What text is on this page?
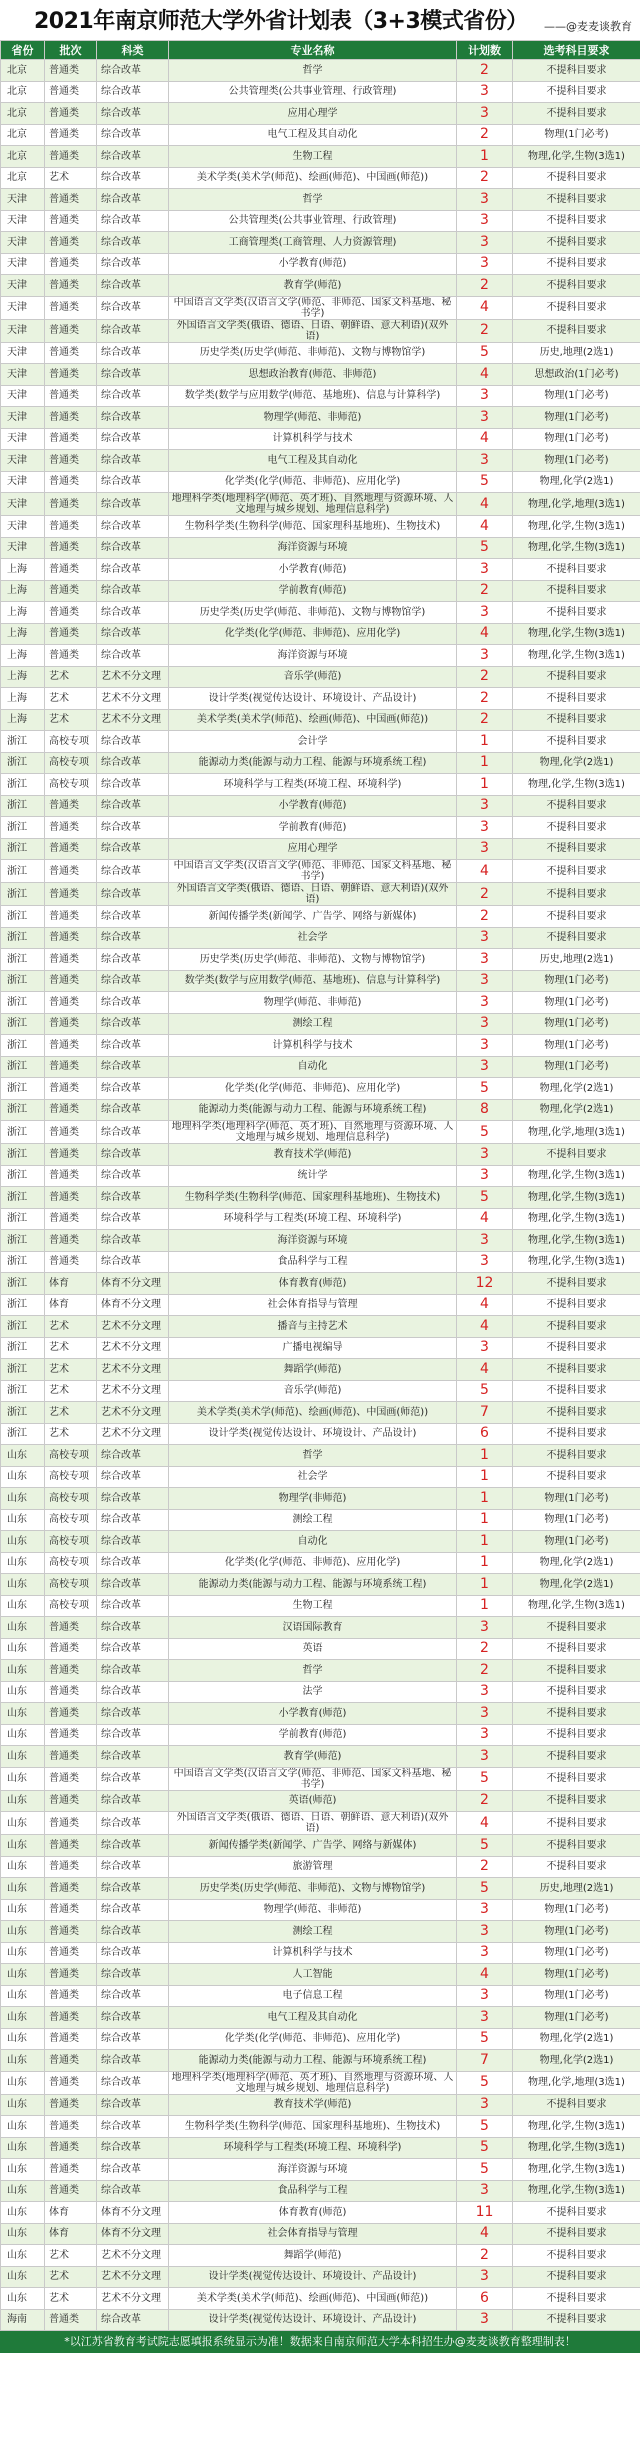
2021年南京师范大学外省计划表（3+3模式省份） ——@麦麦谈教育
省份	批次	科类	专业名称	计划数	选考科目要求
北京	普通类	综合改革	哲学	2	不提科目要求
北京	普通类	综合改革	公共管理类(公共事业管理、行政管理)	3	不提科目要求
北京	普通类	综合改革	应用心理学	3	不提科目要求
北京	普通类	综合改革	电气工程及其自动化	2	物理(1门必考)
北京	普通类	综合改革	生物工程	1	物理,化学,生物(3选1)
北京	艺术	综合改革	美术学类(美术学(师范)、绘画(师范)、中国画(师范))	2	不提科目要求
天津	普通类	综合改革	哲学	3	不提科目要求
天津	普通类	综合改革	公共管理类(公共事业管理、行政管理)	3	不提科目要求
天津	普通类	综合改革	工商管理类(工商管理、人力资源管理)	3	不提科目要求
天津	普通类	综合改革	小学教育(师范)	3	不提科目要求
天津	普通类	综合改革	教育学(师范)	2	不提科目要求
天津	普通类	综合改革	中国语言文学类(汉语言文学(师范、非师范、国家文科基地、秘书学)	4	不提科目要求
天津	普通类	综合改革	外国语言文学类(俄语、德语、日语、朝鲜语、意大利语)(双外语)	2	不提科目要求
天津	普通类	综合改革	历史学类(历史学(师范、非师范)、文物与博物馆学)	5	历史,地理(2选1)
天津	普通类	综合改革	思想政治教育(师范、非师范)	4	思想政治(1门必考)
天津	普通类	综合改革	数学类(数学与应用数学(师范、基地班)、信息与计算科学)	3	物理(1门必考)
天津	普通类	综合改革	物理学(师范、非师范)	3	物理(1门必考)
天津	普通类	综合改革	计算机科学与技术	4	物理(1门必考)
天津	普通类	综合改革	电气工程及其自动化	3	物理(1门必考)
天津	普通类	综合改革	化学类(化学(师范、非师范)、应用化学)	5	物理,化学(2选1)
天津	普通类	综合改革	地理科学类(地理科学(师范、英才班)、自然地理与资源环境、人文地理与城乡规划、地理信息科学)	4	物理,化学,地理(3选1)
天津	普通类	综合改革	生物科学类(生物科学(师范、国家理科基地班)、生物技术)	4	物理,化学,生物(3选1)
天津	普通类	综合改革	海洋资源与环境	5	物理,化学,生物(3选1)
上海	普通类	综合改革	小学教育(师范)	3	不提科目要求
上海	普通类	综合改革	学前教育(师范)	2	不提科目要求
上海	普通类	综合改革	历史学类(历史学(师范、非师范)、文物与博物馆学)	3	不提科目要求
上海	普通类	综合改革	化学类(化学(师范、非师范)、应用化学)	4	物理,化学,生物(3选1)
上海	普通类	综合改革	海洋资源与环境	3	物理,化学,生物(3选1)
上海	艺术	艺术不分文理	音乐学(师范)	2	不提科目要求
上海	艺术	艺术不分文理	设计学类(视觉传达设计、环境设计、产品设计)	2	不提科目要求
上海	艺术	艺术不分文理	美术学类(美术学(师范)、绘画(师范)、中国画(师范))	2	不提科目要求
浙江	高校专项	综合改革	会计学	1	不提科目要求
浙江	高校专项	综合改革	能源动力类(能源与动力工程、能源与环境系统工程)	1	物理,化学(2选1)
浙江	高校专项	综合改革	环境科学与工程类(环境工程、环境科学)	1	物理,化学,生物(3选1)
浙江	普通类	综合改革	小学教育(师范)	3	不提科目要求
浙江	普通类	综合改革	学前教育(师范)	3	不提科目要求
浙江	普通类	综合改革	应用心理学	3	不提科目要求
浙江	普通类	综合改革	中国语言文学类(汉语言文学(师范、非师范、国家文科基地、秘书学)	4	不提科目要求
浙江	普通类	综合改革	外国语言文学类(俄语、德语、日语、朝鲜语、意大利语)(双外语)	2	不提科目要求
浙江	普通类	综合改革	新闻传播学类(新闻学、广告学、网络与新媒体)	2	不提科目要求
浙江	普通类	综合改革	社会学	3	不提科目要求
浙江	普通类	综合改革	历史学类(历史学(师范、非师范)、文物与博物馆学)	3	历史,地理(2选1)
浙江	普通类	综合改革	数学类(数学与应用数学(师范、基地班)、信息与计算科学)	3	物理(1门必考)
浙江	普通类	综合改革	物理学(师范、非师范)	3	物理(1门必考)
浙江	普通类	综合改革	测绘工程	3	物理(1门必考)
浙江	普通类	综合改革	计算机科学与技术	3	物理(1门必考)
浙江	普通类	综合改革	自动化	3	物理(1门必考)
浙江	普通类	综合改革	化学类(化学(师范、非师范)、应用化学)	5	物理,化学(2选1)
浙江	普通类	综合改革	能源动力类(能源与动力工程、能源与环境系统工程)	8	物理,化学(2选1)
浙江	普通类	综合改革	地理科学类(地理科学(师范、英才班)、自然地理与资源环境、人文地理与城乡规划、地理信息科学)	5	物理,化学,地理(3选1)
浙江	普通类	综合改革	教育技术学(师范)	3	不提科目要求
浙江	普通类	综合改革	统计学	3	物理,化学,生物(3选1)
浙江	普通类	综合改革	生物科学类(生物科学(师范、国家理科基地班)、生物技术)	5	物理,化学,生物(3选1)
浙江	普通类	综合改革	环境科学与工程类(环境工程、环境科学)	4	物理,化学,生物(3选1)
浙江	普通类	综合改革	海洋资源与环境	3	物理,化学,生物(3选1)
浙江	普通类	综合改革	食品科学与工程	3	物理,化学,生物(3选1)
浙江	体育	体育不分文理	体育教育(师范)	12	不提科目要求
浙江	体育	体育不分文理	社会体育指导与管理	4	不提科目要求
浙江	艺术	艺术不分文理	播音与主持艺术	4	不提科目要求
浙江	艺术	艺术不分文理	广播电视编导	3	不提科目要求
浙江	艺术	艺术不分文理	舞蹈学(师范)	4	不提科目要求
浙江	艺术	艺术不分文理	音乐学(师范)	5	不提科目要求
浙江	艺术	艺术不分文理	美术学类(美术学(师范)、绘画(师范)、中国画(师范))	7	不提科目要求
浙江	艺术	艺术不分文理	设计学类(视觉传达设计、环境设计、产品设计)	6	不提科目要求
山东	高校专项	综合改革	哲学	1	不提科目要求
山东	高校专项	综合改革	社会学	1	不提科目要求
山东	高校专项	综合改革	物理学(非师范)	1	物理(1门必考)
山东	高校专项	综合改革	测绘工程	1	物理(1门必考)
山东	高校专项	综合改革	自动化	1	物理(1门必考)
山东	高校专项	综合改革	化学类(化学(师范、非师范)、应用化学)	1	物理,化学(2选1)
山东	高校专项	综合改革	能源动力类(能源与动力工程、能源与环境系统工程)	1	物理,化学(2选1)
山东	高校专项	综合改革	生物工程	1	物理,化学,生物(3选1)
山东	普通类	综合改革	汉语国际教育	3	不提科目要求
山东	普通类	综合改革	英语	2	不提科目要求
山东	普通类	综合改革	哲学	2	不提科目要求
山东	普通类	综合改革	法学	3	不提科目要求
山东	普通类	综合改革	小学教育(师范)	3	不提科目要求
山东	普通类	综合改革	学前教育(师范)	3	不提科目要求
山东	普通类	综合改革	教育学(师范)	3	不提科目要求
山东	普通类	综合改革	中国语言文学类(汉语言文学(师范、非师范、国家文科基地、秘书学)	5	不提科目要求
山东	普通类	综合改革	英语(师范)	2	不提科目要求
山东	普通类	综合改革	外国语言文学类(俄语、德语、日语、朝鲜语、意大利语)(双外语)	4	不提科目要求
山东	普通类	综合改革	新闻传播学类(新闻学、广告学、网络与新媒体)	5	不提科目要求
山东	普通类	综合改革	旅游管理	2	不提科目要求
山东	普通类	综合改革	历史学类(历史学(师范、非师范)、文物与博物馆学)	5	历史,地理(2选1)
山东	普通类	综合改革	物理学(师范、非师范)	3	物理(1门必考)
山东	普通类	综合改革	测绘工程	3	物理(1门必考)
山东	普通类	综合改革	计算机科学与技术	3	物理(1门必考)
山东	普通类	综合改革	人工智能	4	物理(1门必考)
山东	普通类	综合改革	电子信息工程	3	物理(1门必考)
山东	普通类	综合改革	电气工程及其自动化	3	物理(1门必考)
山东	普通类	综合改革	化学类(化学(师范、非师范)、应用化学)	5	物理,化学(2选1)
山东	普通类	综合改革	能源动力类(能源与动力工程、能源与环境系统工程)	7	物理,化学(2选1)
山东	普通类	综合改革	地理科学类(地理科学(师范、英才班)、自然地理与资源环境、人文地理与城乡规划、地理信息科学)	5	物理,化学,地理(3选1)
山东	普通类	综合改革	教育技术学(师范)	3	不提科目要求
山东	普通类	综合改革	生物科学类(生物科学(师范、国家理科基地班)、生物技术)	5	物理,化学,生物(3选1)
山东	普通类	综合改革	环境科学与工程类(环境工程、环境科学)	5	物理,化学,生物(3选1)
山东	普通类	综合改革	海洋资源与环境	5	物理,化学,生物(3选1)
山东	普通类	综合改革	食品科学与工程	3	物理,化学,生物(3选1)
山东	体育	体育不分文理	体育教育(师范)	11	不提科目要求
山东	体育	体育不分文理	社会体育指导与管理	4	不提科目要求
山东	艺术	艺术不分文理	舞蹈学(师范)	2	不提科目要求
山东	艺术	艺术不分文理	设计学类(视觉传达设计、环境设计、产品设计)	3	不提科目要求
山东	艺术	艺术不分文理	美术学类(美术学(师范)、绘画(师范)、中国画(师范))	6	不提科目要求
海南	普通类	综合改革	设计学类(视觉传达设计、环境设计、产品设计)	3	不提科目要求
*以江苏省教育考试院志愿填报系统显示为准！数据来自南京师范大学本科招生办@麦麦谈教育整理制表！
